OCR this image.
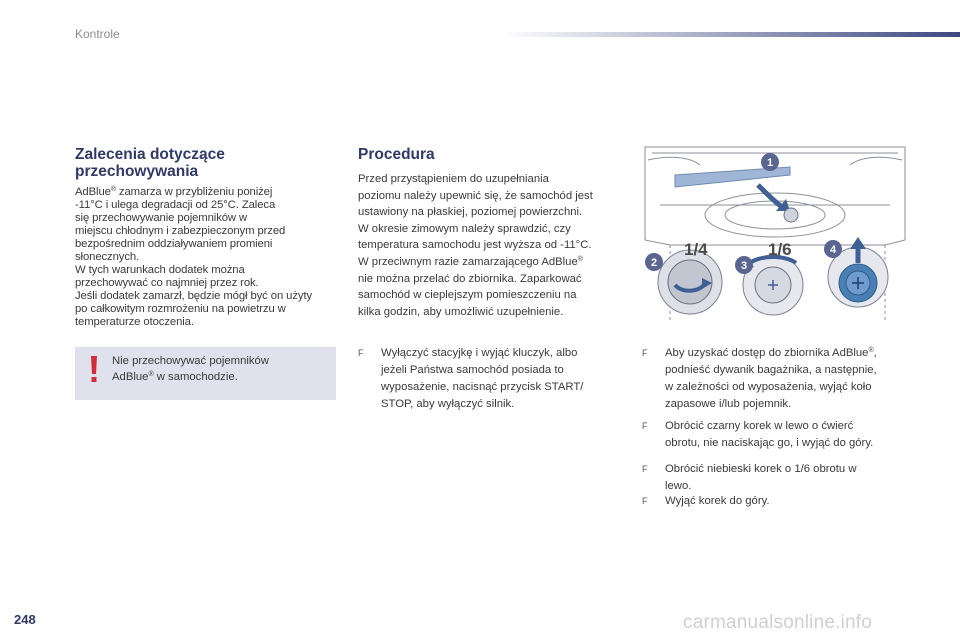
Kontrole
Zalecenia dotyczące
przechowywania
AdBlue® zamarza w przybliżeniu poniżej
-11°C i ulega degradacji od 25°C. Zaleca
się przechowywanie pojemników w
miejscu chłodnym i zabezpieczonym przed
bezpośrednim oddziaływaniem promieni
słonecznych.
W tych warunkach dodatek można
przechowywać co najmniej przez rok.
Jeśli dodatek zamarzł, będzie mógł być on użyty
po całkowitym rozmrożeniu na powietrzu w
temperaturze otoczenia.
Nie przechowywać pojemników
AdBlue® w samochodzie.
Procedura
Przed przystąpieniem do uzupełniania
poziomu należy upewnić się, że samochód jest
ustawiony na płaskiej, poziomej powierzchni.
W okresie zimowym należy sprawdzić, czy
temperatura samochodu jest wyższa od -11°C.
W przeciwnym razie zamarzającego AdBlue®
nie można przelać do zbiornika. Zaparkować
samochód w cieplejszym pomieszczeniu na
kilka godzin, aby umożliwić uzupełnienie.
F	Wyłączyć stacyjkę i wyjąć kluczyk, albo
jeżeli Państwa samochód posiada to
wyposażenie, nacisnąć przycisk START/
STOP, aby wyłączyć silnik.
1
1/4
2
1/6
3
4
F	Aby uzyskać dostęp do zbiornika AdBlue®,
podnieść dywanik bagażnika, a następnie,
w zależności od wyposażenia, wyjąć koło
zapasowe i/lub pojemnik.
F	Obrócić czarny korek w lewo o ćwierć
obrotu, nie naciskając go, i wyjąć do góry.
F	Obrócić niebieski korek o 1/6 obrotu w
lewo.
F	Wyjąć korek do góry.
248	carmanualsonline.info
